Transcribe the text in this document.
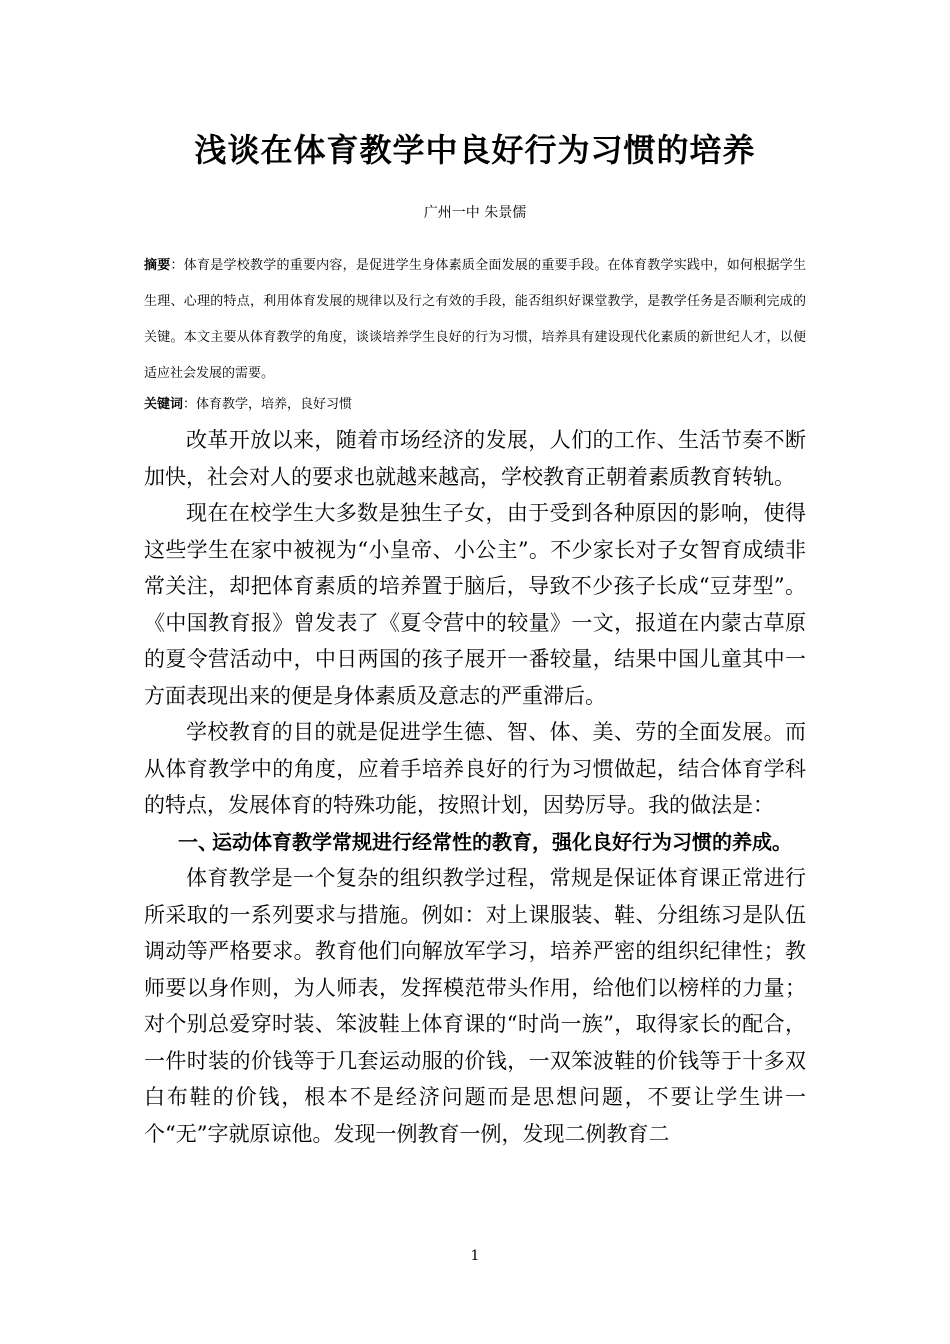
浅谈在体育教学中良好行为习惯的培养
广州一中 朱景儒
摘要：体育是学校教学的重要内容，是促进学生身体素质全面发展的重要手段。在体育教学实践中，如何根据学生生理、心理的特点，利用体育发展的规律以及行之有效的手段，能否组织好课堂教学，是教学任务是否顺利完成的关键。本文主要从体育教学的角度，谈谈培养学生良好的行为习惯，培养具有建设现代化素质的新世纪人才，以便适应社会发展的需要。
关键词：体育教学，培养，良好习惯

改革开放以来，随着市场经济的发展，人们的工作、生活节奏不断加快，社会对人的要求也就越来越高，学校教育正朝着素质教育转轨。

现在在校学生大多数是独生子女，由于受到各种原因的影响，使得这些学生在家中被视为“小皇帝、小公主”。不少家长对子女智育成绩非常关注，却把体育素质的培养置于脑后，导致不少孩子长成“豆芽型”。《中国教育报》曾发表了《夏令营中的较量》一文，报道在内蒙古草原的夏令营活动中，中日两国的孩子展开一番较量，结果中国儿童其中一方面表现出来的便是身体素质及意志的严重滞后。

学校教育的目的就是促进学生德、智、体、美、劳的全面发展。而从体育教学中的角度，应着手培养良好的行为习惯做起，结合体育学科的特点，发展体育的特殊功能，按照计划，因势厉导。我的做法是：

一、
运动体育教学常规进行经常性的教育，强化良好行为习惯的养成。

体育教学是一个复杂的组织教学过程，常规是保证体育课正常进行所采取的一系列要求与措施。例如：对上课服装、鞋、分组练习是队伍调动等严格要求。教育他们向解放军学习，培养严密的组织纪律性；教师要以身作则，为人师表，发挥模范带头作用，给他们以榜样的力量；对个别总爱穿时装、笨波鞋上体育课的“时尚一族”，取得家长的配合，一件时装的价钱等于几套运动服的价钱，一双笨波鞋的价钱等于十多双白布鞋的价钱，根本不是经济问题而是思想问题，不要让学生讲一个“无”字就原谅他。发现一例教育一例，发现二例教育二

1
